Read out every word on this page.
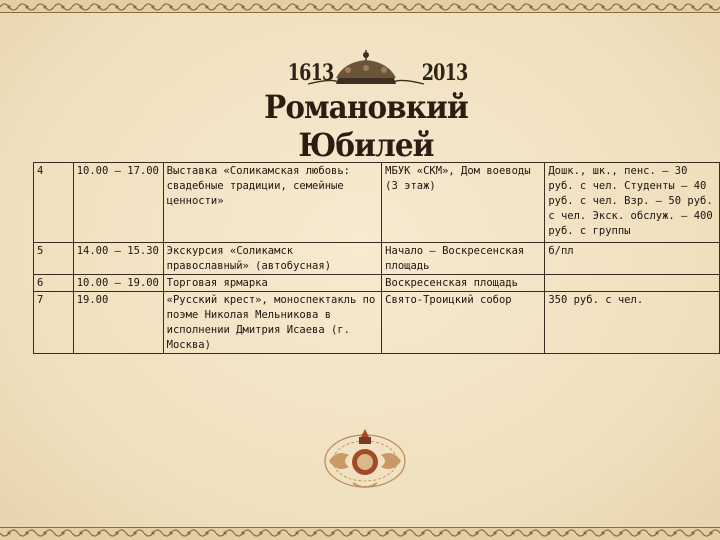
1613	2013
Романовкий Юбилей
4	10.00 – 17.00	Выставка «Соликамская любовь: свадебные традиции, семейные ценности»	МБУК «СКМ», Дом воеводы (3 этаж)	Дошк., шк., пенс. – 30 руб. с чел. Студенты – 40 руб. с чел. Взр. – 50 руб. с чел. Экск. обслуж. – 400 руб. с группы
5	14.00 – 15.30	Экскурсия «Соликамск православный» (автобусная)	Начало – Воскресенская площадь	б/пл
6	10.00 – 19.00	Торговая ярмарка	Воскресенская площадь	
7	19.00	«Русский крест», моноспектакль по поэме Николая Мельникова в исполнении Дмитрия Исаева (г. Москва)	Свято-Троицкий собор	350 руб. с чел.
